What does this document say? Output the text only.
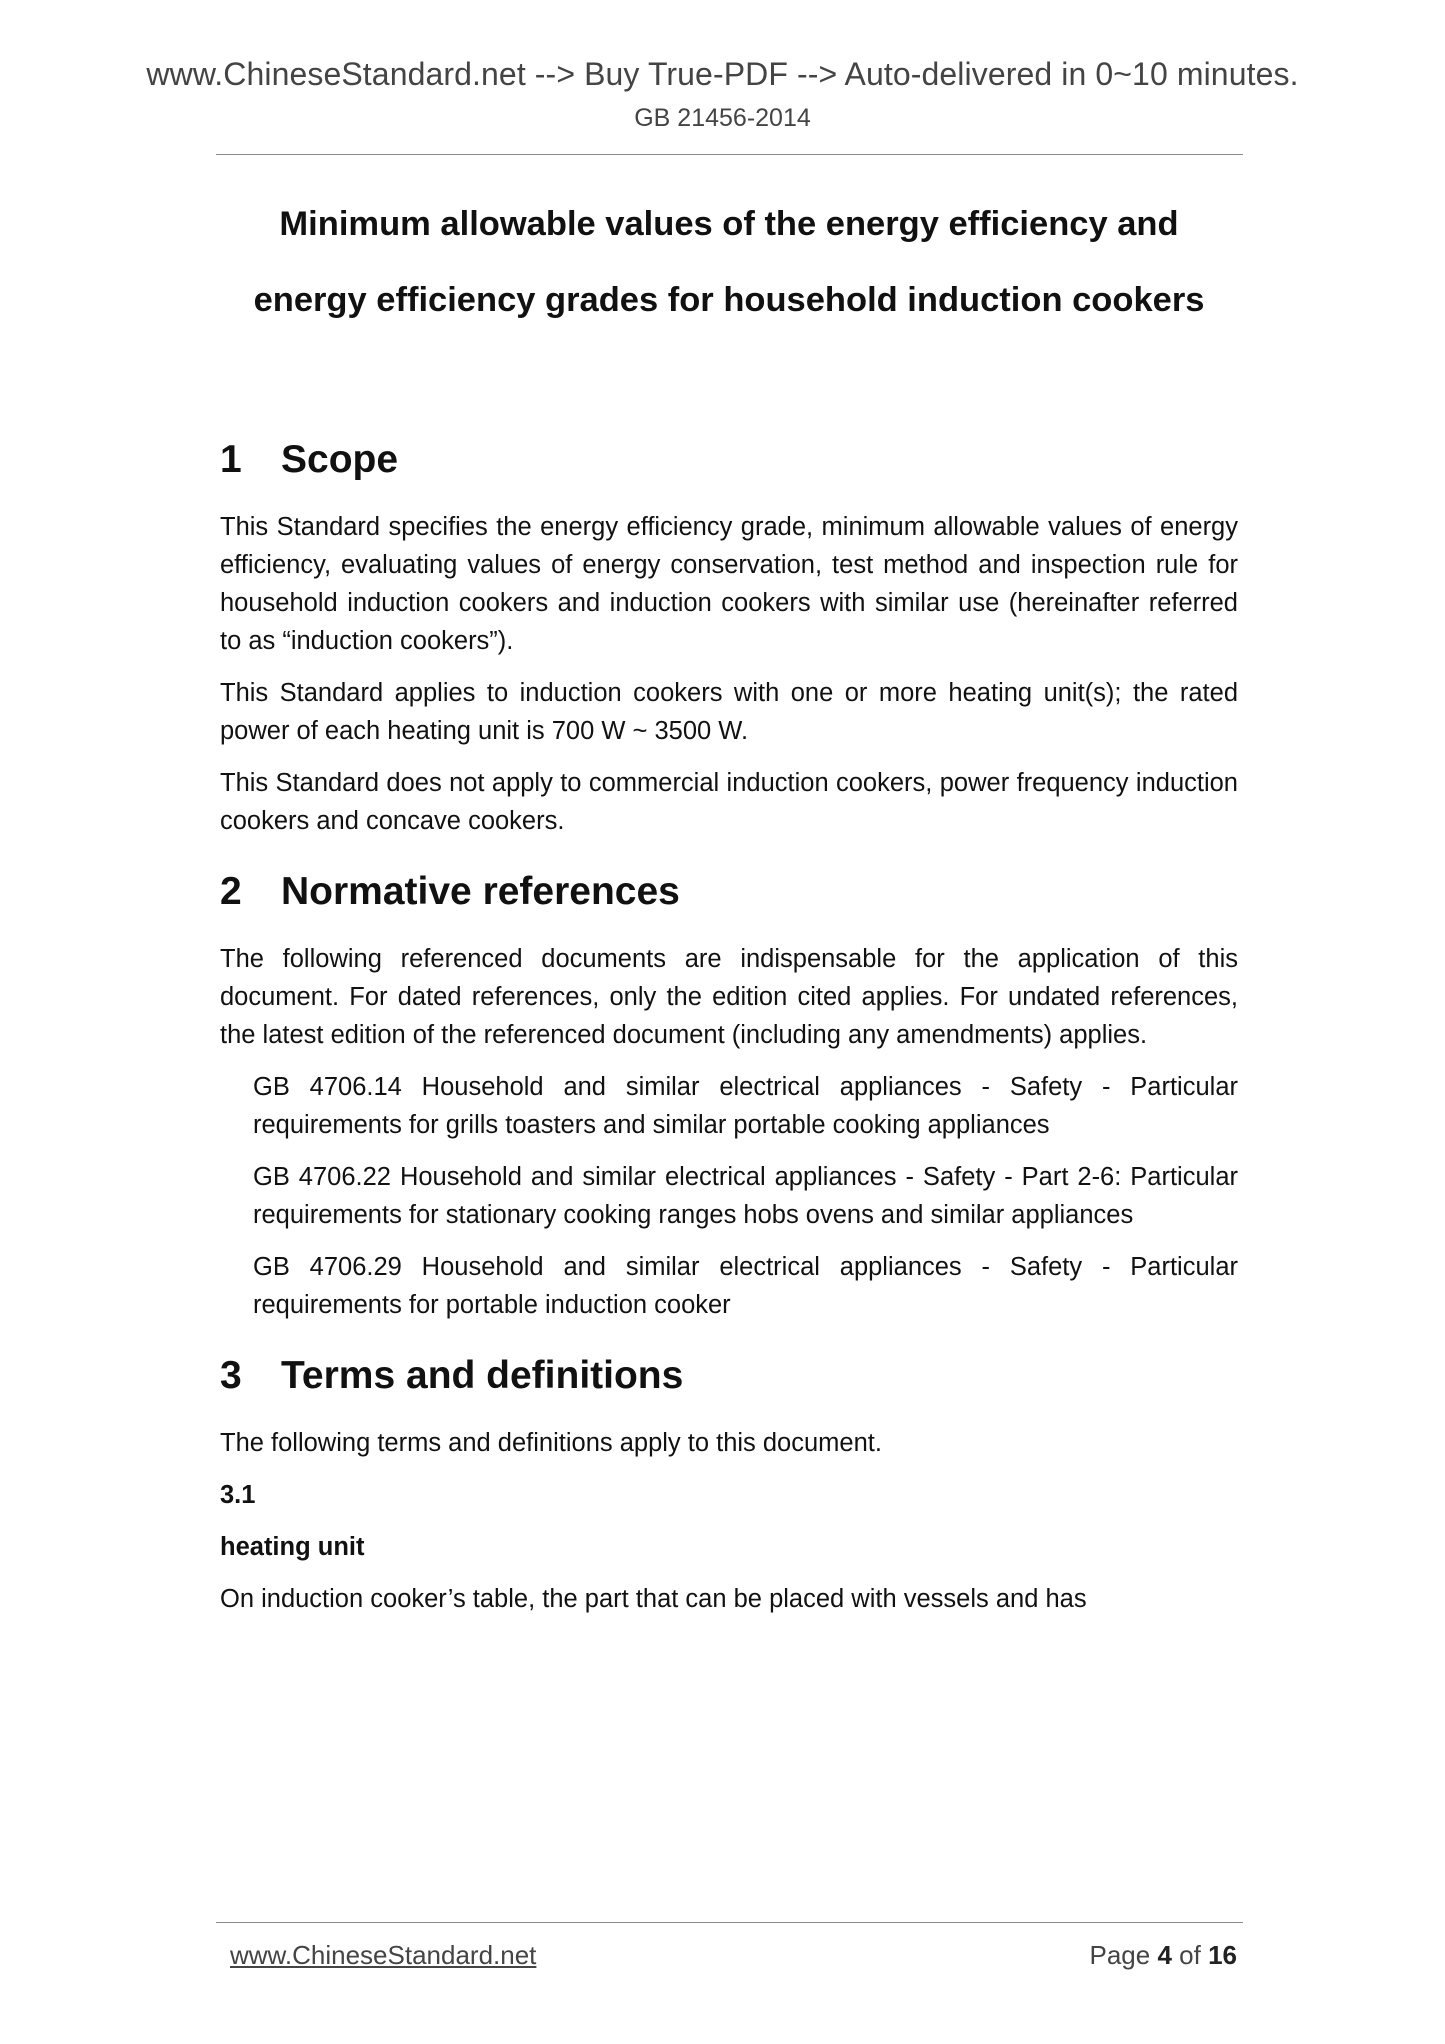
www.ChineseStandard.net --> Buy True-PDF --> Auto-delivered in 0~10 minutes.
GB 21456-2014
Minimum allowable values of the energy efficiency and
energy efficiency grades for household induction cookers
1	Scope

This Standard specifies the energy efficiency grade, minimum allowable values of energy efficiency, evaluating values of energy conservation, test method and inspection rule for household induction cookers and induction cookers with similar use (hereinafter referred to as “induction cookers”).

This Standard applies to induction cookers with one or more heating unit(s); the rated power of each heating unit is 700 W ~ 3500 W.

This Standard does not apply to commercial induction cookers, power frequency induction cookers and concave cookers.

2	Normative references

The following referenced documents are indispensable for the application of this document. For dated references, only the edition cited applies. For undated references, the latest edition of the referenced document (including any amendments) applies.

GB 4706.14 Household and similar electrical appliances - Safety - Particular requirements for grills toasters and similar portable cooking appliances

GB 4706.22 Household and similar electrical appliances - Safety - Part 2-6: Particular requirements for stationary cooking ranges hobs ovens and similar appliances

GB 4706.29 Household and similar electrical appliances - Safety - Particular requirements for portable induction cooker

3	Terms and definitions

The following terms and definitions apply to this document.

3.1

heating unit

On induction cooker’s table, the part that can be placed with vessels and has

www.ChineseStandard.net	Page 4 of 16
